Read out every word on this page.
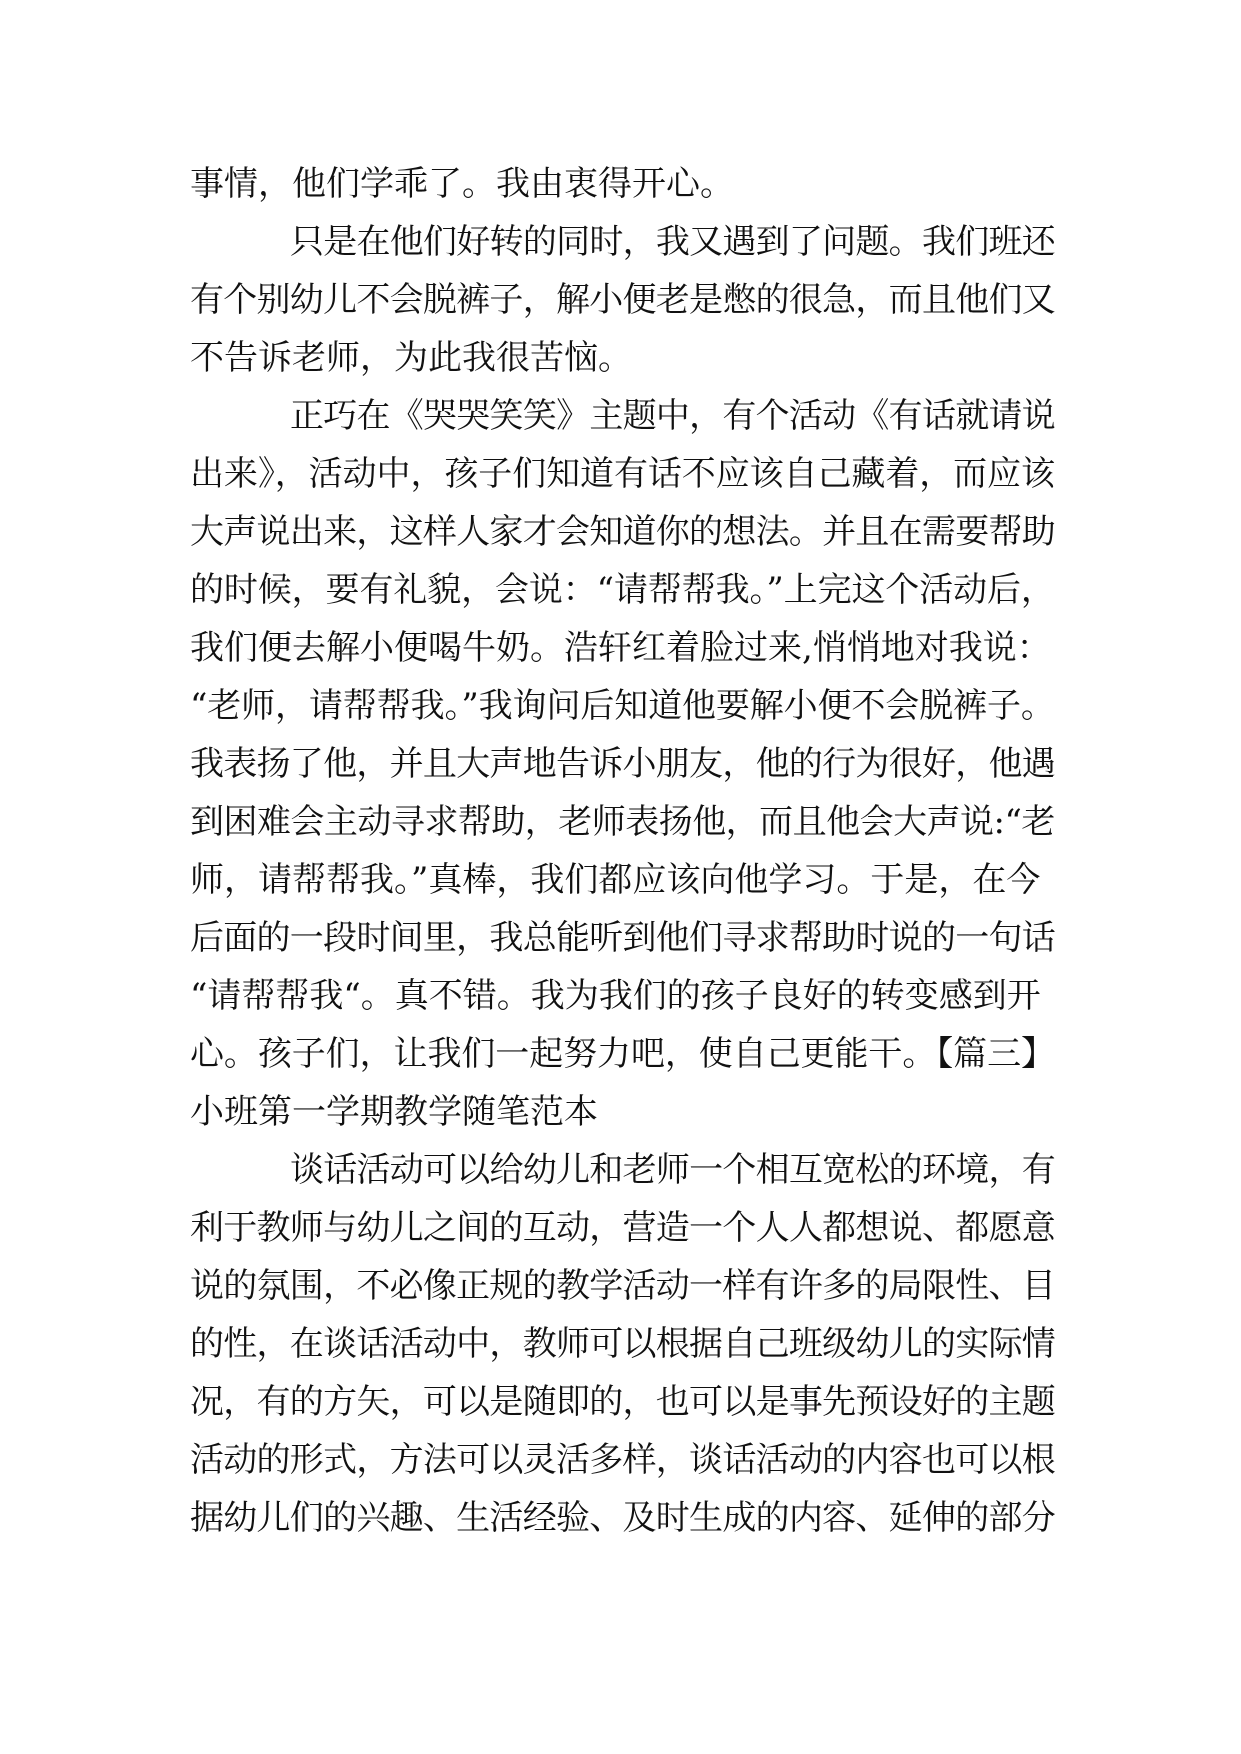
事情，他们学乖了。我由衷得开心。
只是在他们好转的同时，我又遇到了问题。我们班还
有个别幼儿不会脱裤子，解小便老是憋的很急，而且他们又
不告诉老师，为此我很苦恼。
正巧在《哭哭笑笑》主题中，有个活动《有话就请说
出来》，活动中，孩子们知道有话不应该自己藏着，而应该
大声说出来，这样人家才会知道你的想法。并且在需要帮助
的时候，要有礼貌，会说：“请帮帮我。”上完这个活动后，
我们便去解小便喝牛奶。浩轩红着脸过来,悄悄地对我说：
“老师，请帮帮我。”我询问后知道他要解小便不会脱裤子。
我表扬了他，并且大声地告诉小朋友，他的行为很好，他遇
到困难会主动寻求帮助，老师表扬他，而且他会大声说:“老
师，请帮帮我。”真棒，我们都应该向他学习。于是，在今
后面的一段时间里，我总能听到他们寻求帮助时说的一句话
“请帮帮我“。真不错。我为我们的孩子良好的转变感到开
心。孩子们，让我们一起努力吧，使自己更能干。【篇三】
小班第一学期教学随笔范本
谈话活动可以给幼儿和老师一个相互宽松的环境，有
利于教师与幼儿之间的互动，营造一个人人都想说、都愿意
说的氛围，不必像正规的教学活动一样有许多的局限性、目
的性，在谈话活动中，教师可以根据自己班级幼儿的实际情
况，有的方矢，可以是随即的，也可以是事先预设好的主题
活动的形式，方法可以灵活多样，谈话活动的内容也可以根
据幼儿们的兴趣、生活经验、及时生成的内容、延伸的部分
